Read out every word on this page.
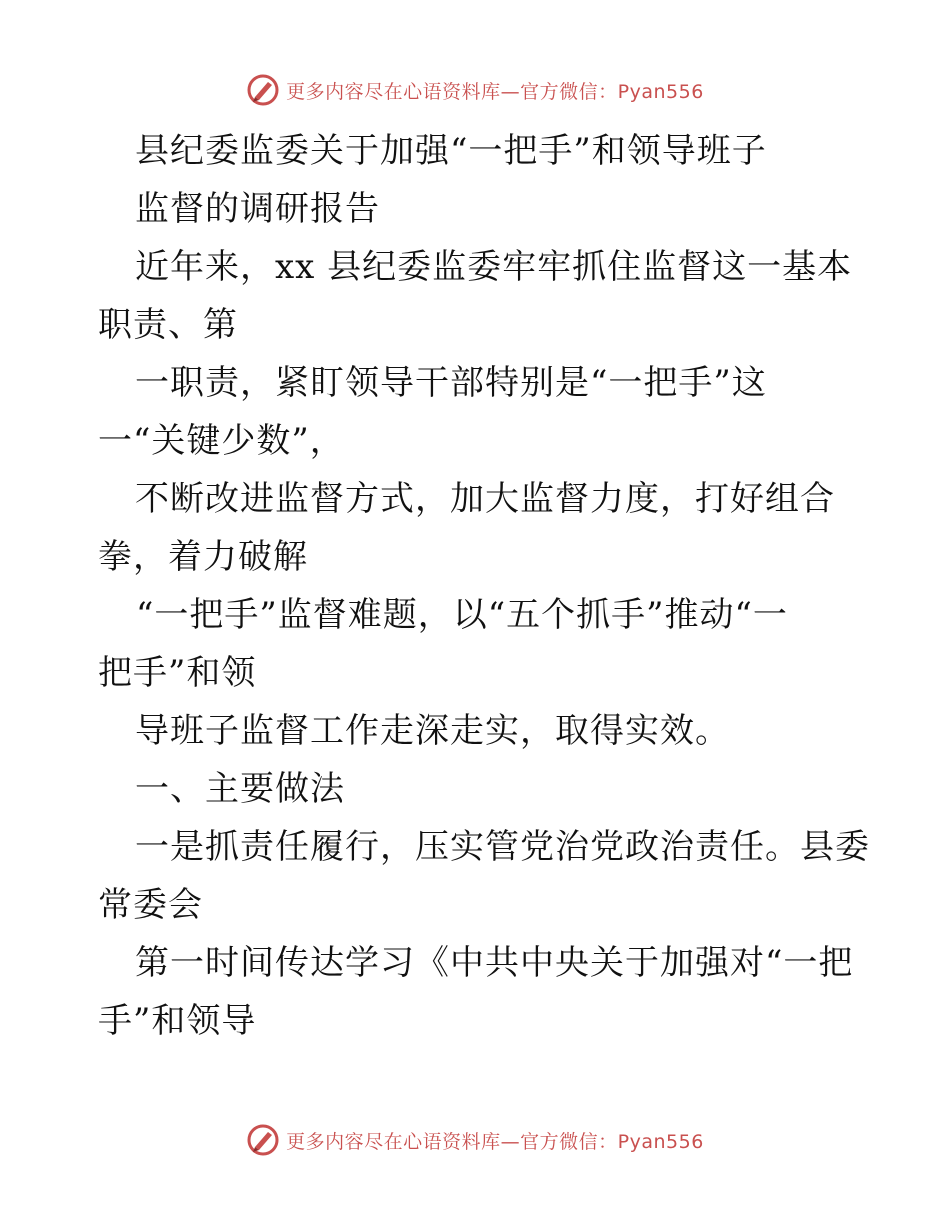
更多内容尽在心语资料库—官方微信：Pyan556
县纪委监委关于加强“一把手”和领导班子
监督的调研报告
近年来，xx 县纪委监委牢牢抓住监督这一基本
职责、第
一职责，紧盯领导干部特别是“一把手”这
一“关键少数”，
不断改进监督方式，加大监督力度，打好组合
拳，着力破解
“一把手”监督难题，以“五个抓手”推动“一
把手”和领
导班子监督工作走深走实，取得实效。
一、主要做法
一是抓责任履行，压实管党治党政治责任。县委
常委会
第一时间传达学习《中共中央关于加强对“一把
手”和领导
更多内容尽在心语资料库—官方微信：Pyan556
